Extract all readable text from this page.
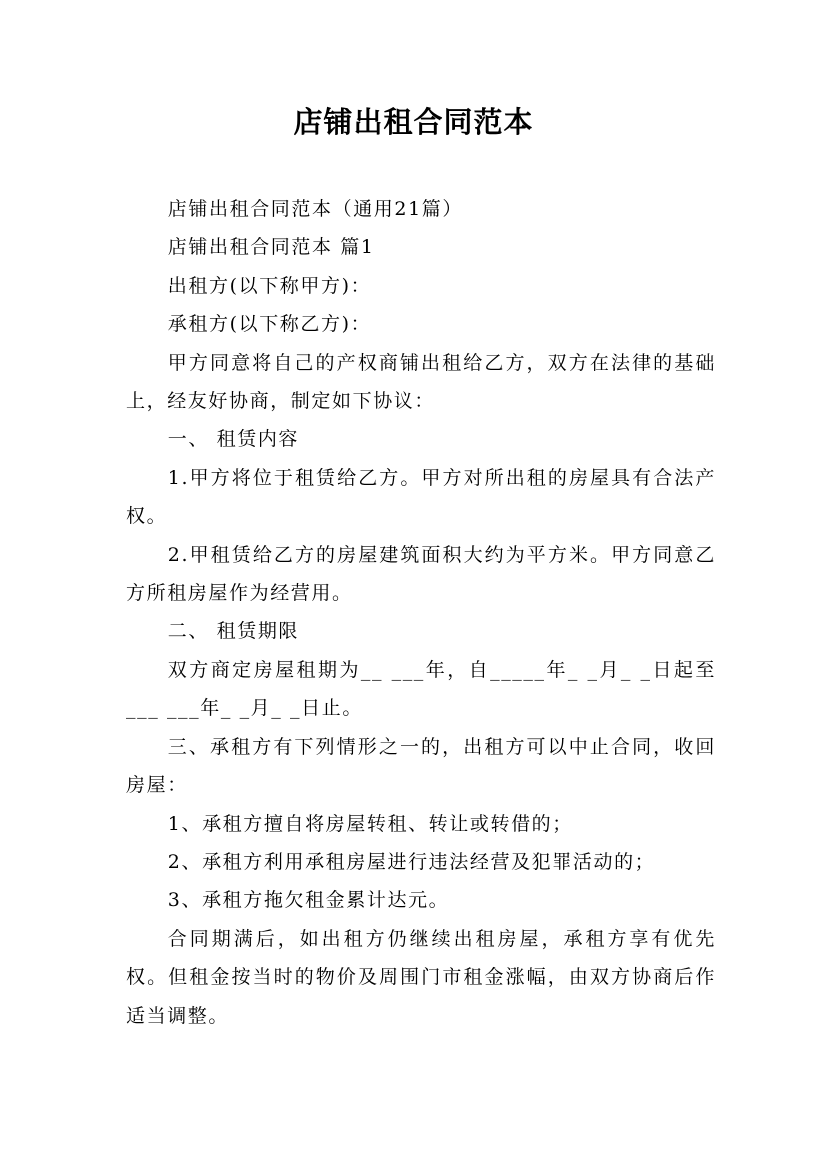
店铺出租合同范本

店铺出租合同范本（通用21篇）

店铺出租合同范本 篇1

出租方(以下称甲方)：

承租方(以下称乙方)：

甲方同意将自己的产权商铺出租给乙方，双方在法律的基础上，经友好协商，制定如下协议：

一、 租赁内容

1.甲方将位于租赁给乙方。甲方对所出租的房屋具有合法产权。

2.甲租赁给乙方的房屋建筑面积大约为平方米。甲方同意乙方所租房屋作为经营用。

二、 租赁期限

双方商定房屋租期为__ ___年，自_____年_ _月_ _日起至___ ___年_ _月_ _日止。

三、承租方有下列情形之一的，出租方可以中止合同，收回房屋：

1、承租方擅自将房屋转租、转让或转借的；

2、承租方利用承租房屋进行违法经营及犯罪活动的；

3、承租方拖欠租金累计达元。

合同期满后，如出租方仍继续出租房屋，承租方享有优先权。但租金按当时的物价及周围门市租金涨幅，由双方协商后作适当调整。
